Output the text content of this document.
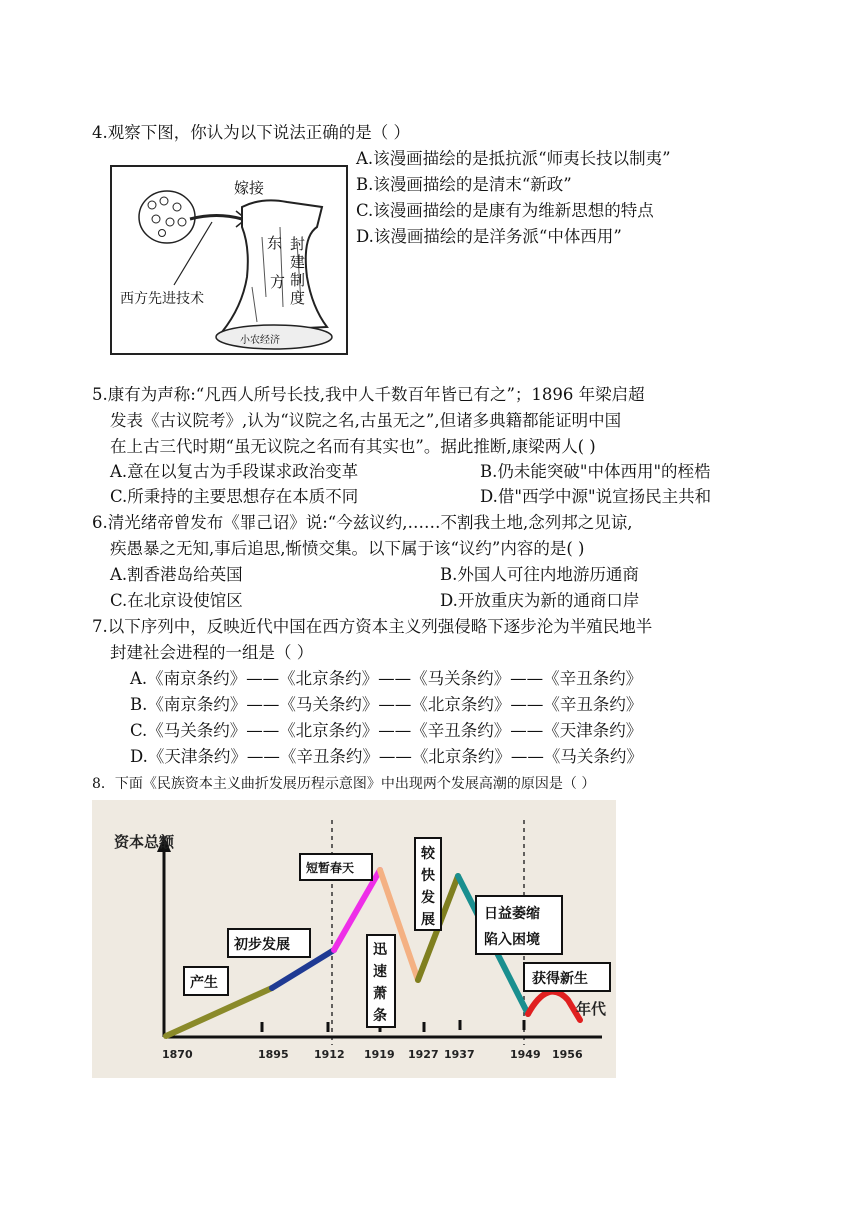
4.观察下图，你认为以下说法正确的是（ ）
A.该漫画描绘的是抵抗派“师夷长技以制夷”
B.该漫画描绘的是清末“新政”
C.该漫画描绘的是康有为维新思想的特点
D.该漫画描绘的是洋务派“中体西用”
嫁接
西方先进技术
东
方
封
建
制
度
小农经济
5.康有为声称:“凡西人所号长技,我中人千数百年皆已有之”；1896 年梁启超
发表《古议院考》,认为“议院之名,古虽无之”,但诸多典籍都能证明中国
在上古三代时期“虽无议院之名而有其实也”。据此推断,康梁两人( )
A.意在以复古为手段谋求政治变革	B.仍未能突破"中体西用"的桎梏
C.所秉持的主要思想存在本质不同	D.借"西学中源"说宣扬民主共和
6.清光绪帝曾发布《罪己诏》说:“今兹议约,……不割我土地,念列邦之见谅,
疾愚暴之无知,事后追思,惭愤交集。以下属于该“议约”内容的是( )
A.割香港岛给英国	B.外国人可往内地游历通商
C.在北京设使馆区	D.开放重庆为新的通商口岸
7.以下序列中，反映近代中国在西方资本主义列强侵略下逐步沦为半殖民地半
封建社会进程的一组是（ ）
A.《南京条约》——《北京条约》——《马关条约》——《辛丑条约》
B.《南京条约》——《马关条约》——《北京条约》——《辛丑条约》
C.《马关条约》——《北京条约》——《辛丑条约》——《天津条约》
D.《天津条约》——《辛丑条约》——《北京条约》——《马关条约》
8．下面《民族资本主义曲折发展历程示意图》中出现两个发展高潮的原因是（ ）
资本总额
1870	1895 1912 1919 1927 1937	1949 1956
年代
产生
初步发展
短暂春天
迅
速
萧
条
较
快
发
展	日益萎缩
陷入困境
获得新生
